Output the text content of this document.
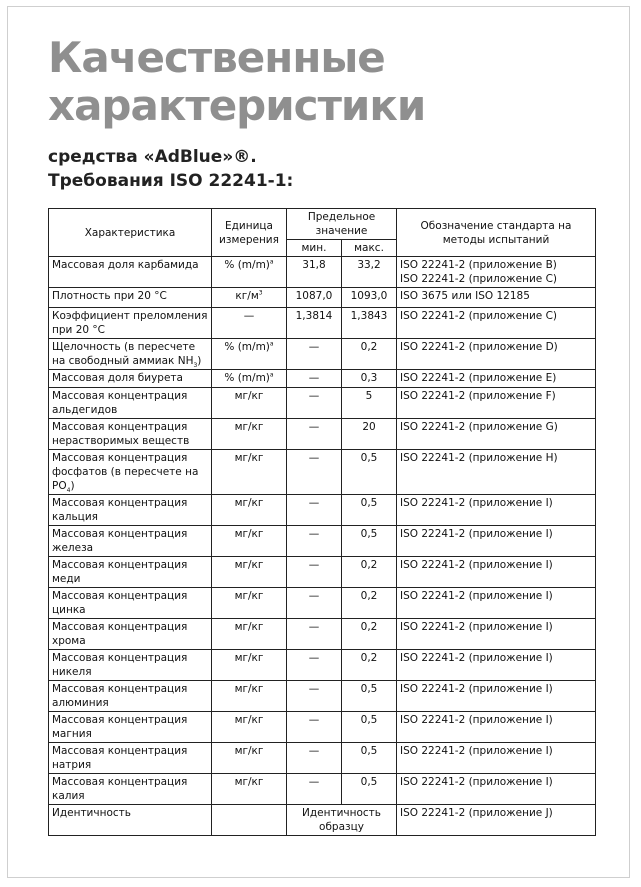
Качественные
характеристики
средства «AdBlue»®.
Требования ISO 22241-1:
Характеристика	Единица измерения	Предельное значение		Обозначение стандарта на методы испытаний
		мин.	макс.	
Массовая доля карбамида	% $(m/m)^а$	31,8	33,2	ISO 22241-2 (приложение B)
ISO 22241-2 (приложение C)

Плотность при 20 °C	$кг/м^3$	1087,0	1093,0	ISO 3675 или ISO 12185

Коэффициент преломления при 20 °C	—	1,3814	1,3843	ISO 22241-2 (приложение C)

Щелочность (в пересчете на свободный аммиак $NH_3$)	% $(m/m)^а$	—	0,2	ISO 22241-2 (приложение D)

Массовая доля биурета	% $(m/m)^а$	—	0,3	ISO 22241-2 (приложение E)

Массовая концентрация альдегидов	мг/кг	—	5	ISO 22241-2 (приложение F)

Массовая концентрация нерастворимых веществ	мг/кг	—	20	ISO 22241-2 (приложение G)

Массовая концентрация фосфатов (в пересчете на $PO_4$)	мг/кг	—	0,5	ISO 22241-2 (приложение H)

Массовая концентрация кальция	мг/кг	—	0,5	ISO 22241-2 (приложение I)

Массовая концентрация железа	мг/кг	—	0,5	ISO 22241-2 (приложение I)

Массовая концентрация меди	мг/кг	—	0,2	ISO 22241-2 (приложение I)

Массовая концентрация цинка	мг/кг	—	0,2	ISO 22241-2 (приложение I)

Массовая концентрация хрома	мг/кг	—	0,2	ISO 22241-2 (приложение I)

Массовая концентрация никеля	мг/кг	—	0,2	ISO 22241-2 (приложение I)

Массовая концентрация алюминия	мг/кг	—	0,5	ISO 22241-2 (приложение I)

Массовая концентрация магния	мг/кг	—	0,5	ISO 22241-2 (приложение I)

Массовая концентрация натрия	мг/кг	—	0,5	ISO 22241-2 (приложение I)

Массовая концентрация калия	мг/кг	—	0,5	ISO 22241-2 (приложение I)

Идентичность		Идентичность образцу		ISO 22241-2 (приложение J)
